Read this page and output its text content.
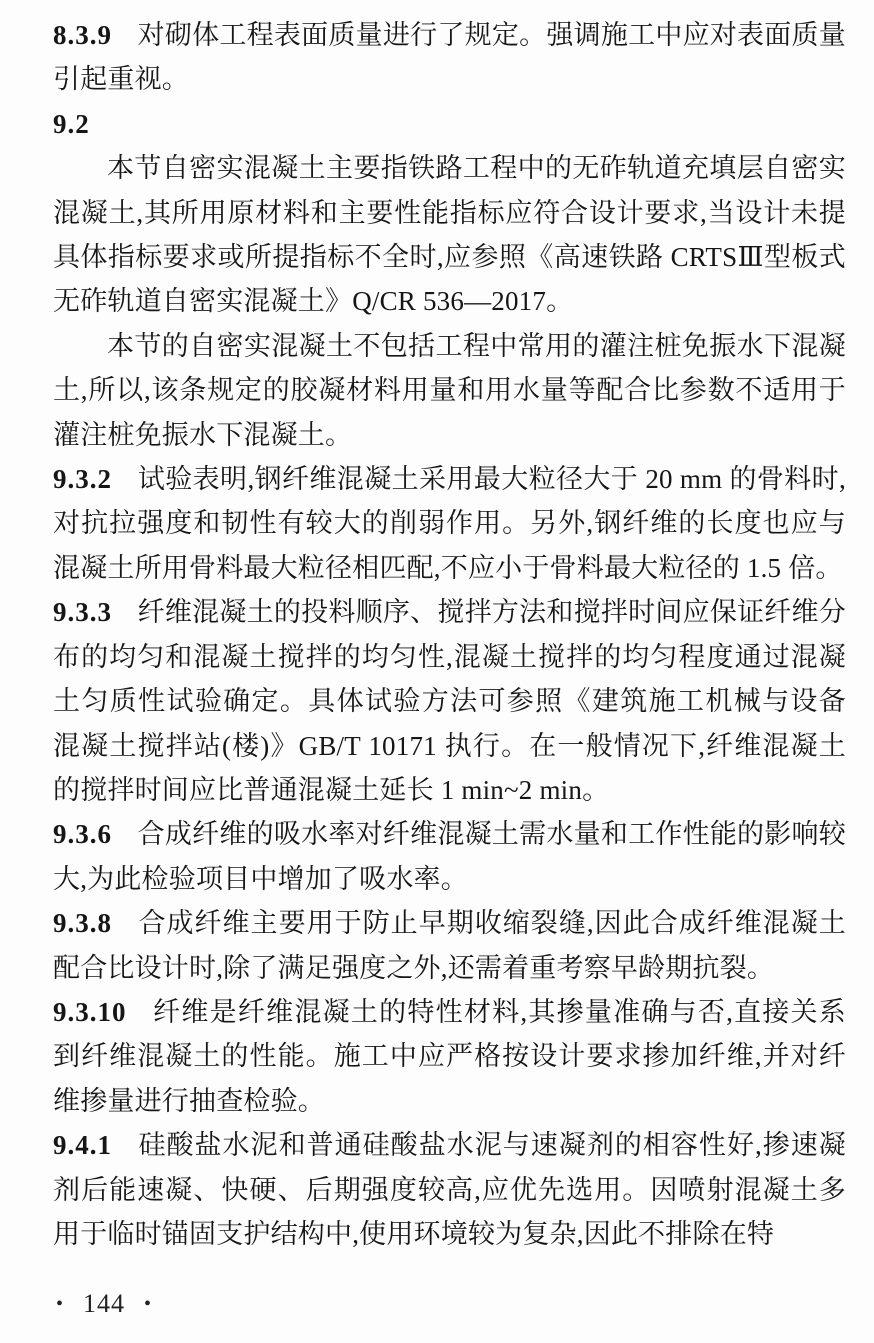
8.3.9 对砌体工程表面质量进行了规定。强调施工中应对表面质量引起重视。

9.2

本节自密实混凝土主要指铁路工程中的无砟轨道充填层自密实混凝土,其所用原材料和主要性能指标应符合设计要求,当设计未提具体指标要求或所提指标不全时,应参照《高速铁路 CRTSⅢ型板式无砟轨道自密实混凝土》Q/CR 536—2017。

本节的自密实混凝土不包括工程中常用的灌注桩免振水下混凝土,所以,该条规定的胶凝材料用量和用水量等配合比参数不适用于灌注桩免振水下混凝土。

9.3.2 试验表明,钢纤维混凝土采用最大粒径大于 20 mm 的骨料时,对抗拉强度和韧性有较大的削弱作用。另外,钢纤维的长度也应与混凝土所用骨料最大粒径相匹配,不应小于骨料最大粒径的 1.5 倍。

9.3.3 纤维混凝土的投料顺序、搅拌方法和搅拌时间应保证纤维分布的均匀和混凝土搅拌的均匀性,混凝土搅拌的均匀程度通过混凝土匀质性试验确定。具体试验方法可参照《建筑施工机械与设备　混凝土搅拌站(楼)》GB/T 10171 执行。在一般情况下,纤维混凝土的搅拌时间应比普通混凝土延长 1 min~2 min。

9.3.6 合成纤维的吸水率对纤维混凝土需水量和工作性能的影响较大,为此检验项目中增加了吸水率。

9.3.8 合成纤维主要用于防止早期收缩裂缝,因此合成纤维混凝土配合比设计时,除了满足强度之外,还需着重考察早龄期抗裂。

9.3.10 纤维是纤维混凝土的特性材料,其掺量准确与否,直接关系到纤维混凝土的性能。施工中应严格按设计要求掺加纤维,并对纤维掺量进行抽查检验。

9.4.1 硅酸盐水泥和普通硅酸盐水泥与速凝剂的相容性好,掺速凝剂后能速凝、快硬、后期强度较高,应优先选用。因喷射混凝土多用于临时锚固支护结构中,使用环境较为复杂,因此不排除在特

• 144 •
